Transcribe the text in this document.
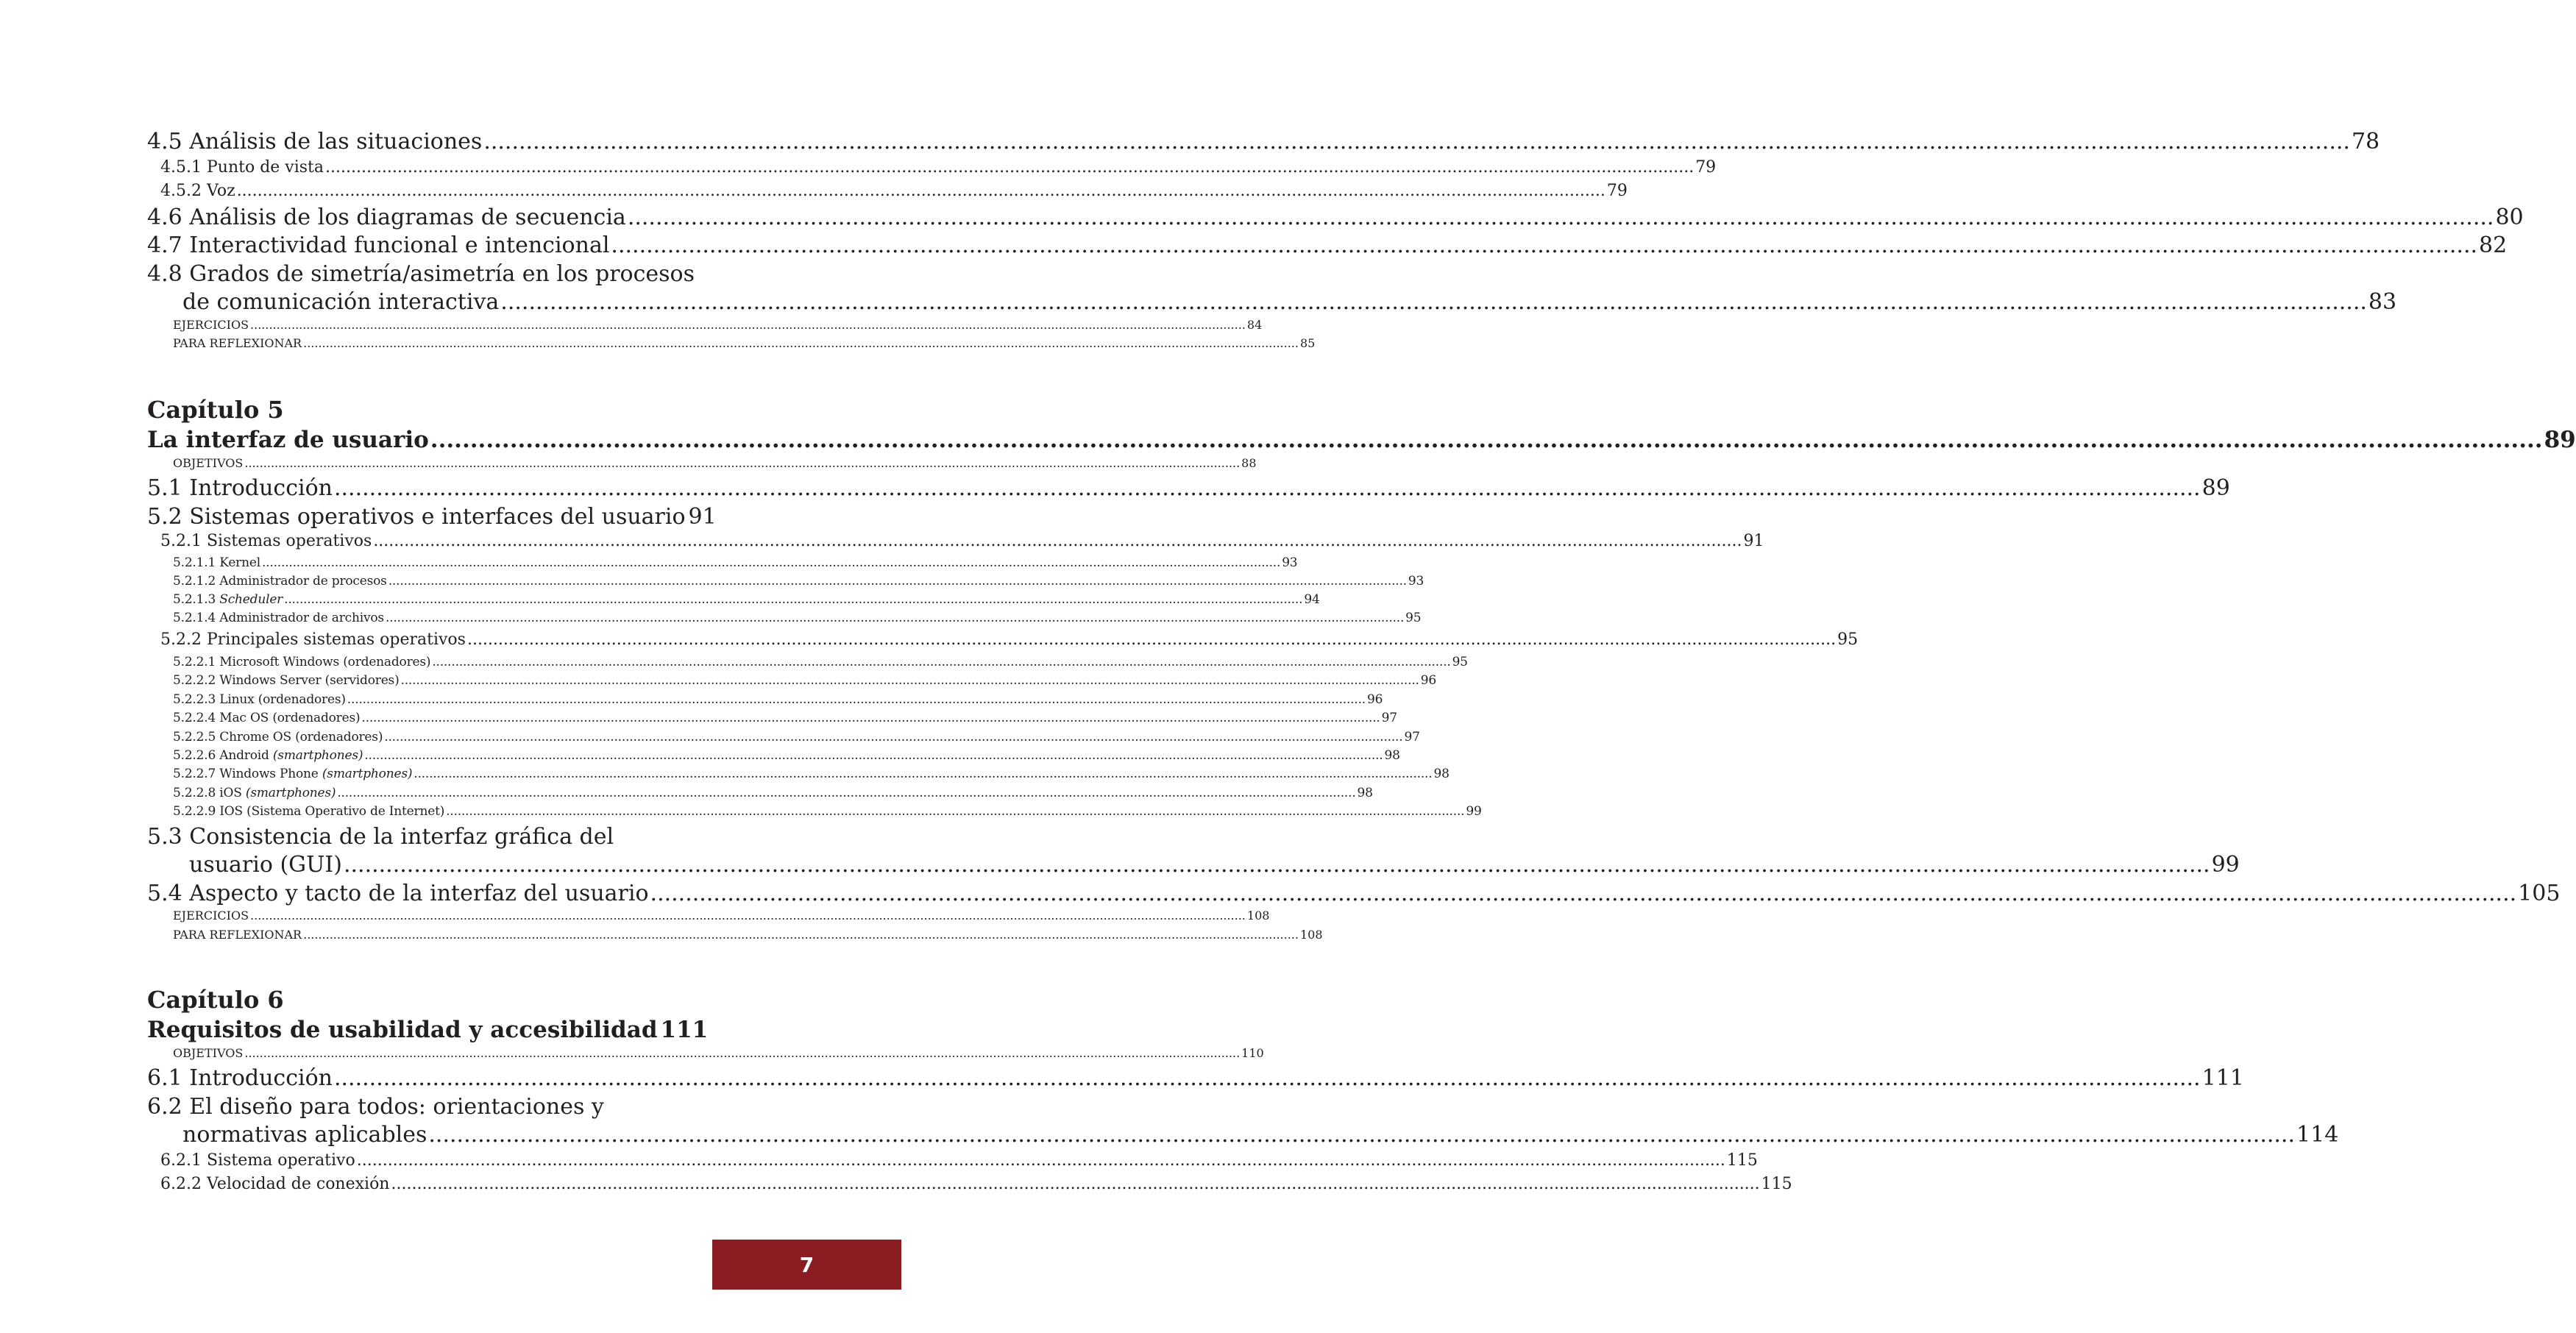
4.5 Análisis de las situaciones .......................................................................................................................................................................................................................................................................... 78
4.5.1 Punto de vista .......................................................................................................................................................................................................................................................................... 79
4.5.2 Voz .......................................................................................................................................................................................................................................................................... 79
4.6 Análisis de los diagramas de secuencia .......................................................................................................................................................................................................................................................................... 80
4.7 Interactividad funcional e intencional .......................................................................................................................................................................................................................................................................... 82
4.8 Grados de simetría/asimetría en los procesos
de comunicación interactiva .......................................................................................................................................................................................................................................................................... 83
EJERCICIOS .......................................................................................................................................................................................................................................................................... 84
PARA REFLEXIONAR .......................................................................................................................................................................................................................................................................... 85
Capítulo 5
La interfaz de usuario .......................................................................................................................................................................................................................................................................... 89
OBJETIVOS .......................................................................................................................................................................................................................................................................... 88
5.1 Introducción .......................................................................................................................................................................................................................................................................... 89
5.2 Sistemas operativos e interfaces del usuario 91
5.2.1 Sistemas operativos .......................................................................................................................................................................................................................................................................... 91
5.2.1.1 Kernel .......................................................................................................................................................................................................................................................................... 93
5.2.1.2 Administrador de procesos .......................................................................................................................................................................................................................................................................... 93
5.2.1.3 Scheduler .......................................................................................................................................................................................................................................................................... 94
5.2.1.4 Administrador de archivos .......................................................................................................................................................................................................................................................................... 95
5.2.2 Principales sistemas operativos .......................................................................................................................................................................................................................................................................... 95
5.2.2.1 Microsoft Windows (ordenadores) .......................................................................................................................................................................................................................................................................... 95
5.2.2.2 Windows Server (servidores) .......................................................................................................................................................................................................................................................................... 96
5.2.2.3 Linux (ordenadores) .......................................................................................................................................................................................................................................................................... 96
5.2.2.4 Mac OS (ordenadores) .......................................................................................................................................................................................................................................................................... 97
5.2.2.5 Chrome OS (ordenadores) .......................................................................................................................................................................................................................................................................... 97
5.2.2.6 Android (smartphones) .......................................................................................................................................................................................................................................................................... 98
5.2.2.7 Windows Phone (smartphones) .......................................................................................................................................................................................................................................................................... 98
5.2.2.8 iOS (smartphones) .......................................................................................................................................................................................................................................................................... 98
5.2.2.9 IOS (Sistema Operativo de Internet) .......................................................................................................................................................................................................................................................................... 99
5.3 Consistencia de la interfaz gráfica del
usuario (GUI) .......................................................................................................................................................................................................................................................................... 99
5.4 Aspecto y tacto de la interfaz del usuario .......................................................................................................................................................................................................................................................................... 105
EJERCICIOS .......................................................................................................................................................................................................................................................................... 108
PARA REFLEXIONAR .......................................................................................................................................................................................................................................................................... 108
Capítulo 6
Requisitos de usabilidad y accesibilidad 111
OBJETIVOS .......................................................................................................................................................................................................................................................................... 110
6.1 Introducción .......................................................................................................................................................................................................................................................................... 111
6.2 El diseño para todos: orientaciones y
normativas aplicables .......................................................................................................................................................................................................................................................................... 114
6.2.1 Sistema operativo .......................................................................................................................................................................................................................................................................... 115
6.2.2 Velocidad de conexión .......................................................................................................................................................................................................................................................................... 115
7
